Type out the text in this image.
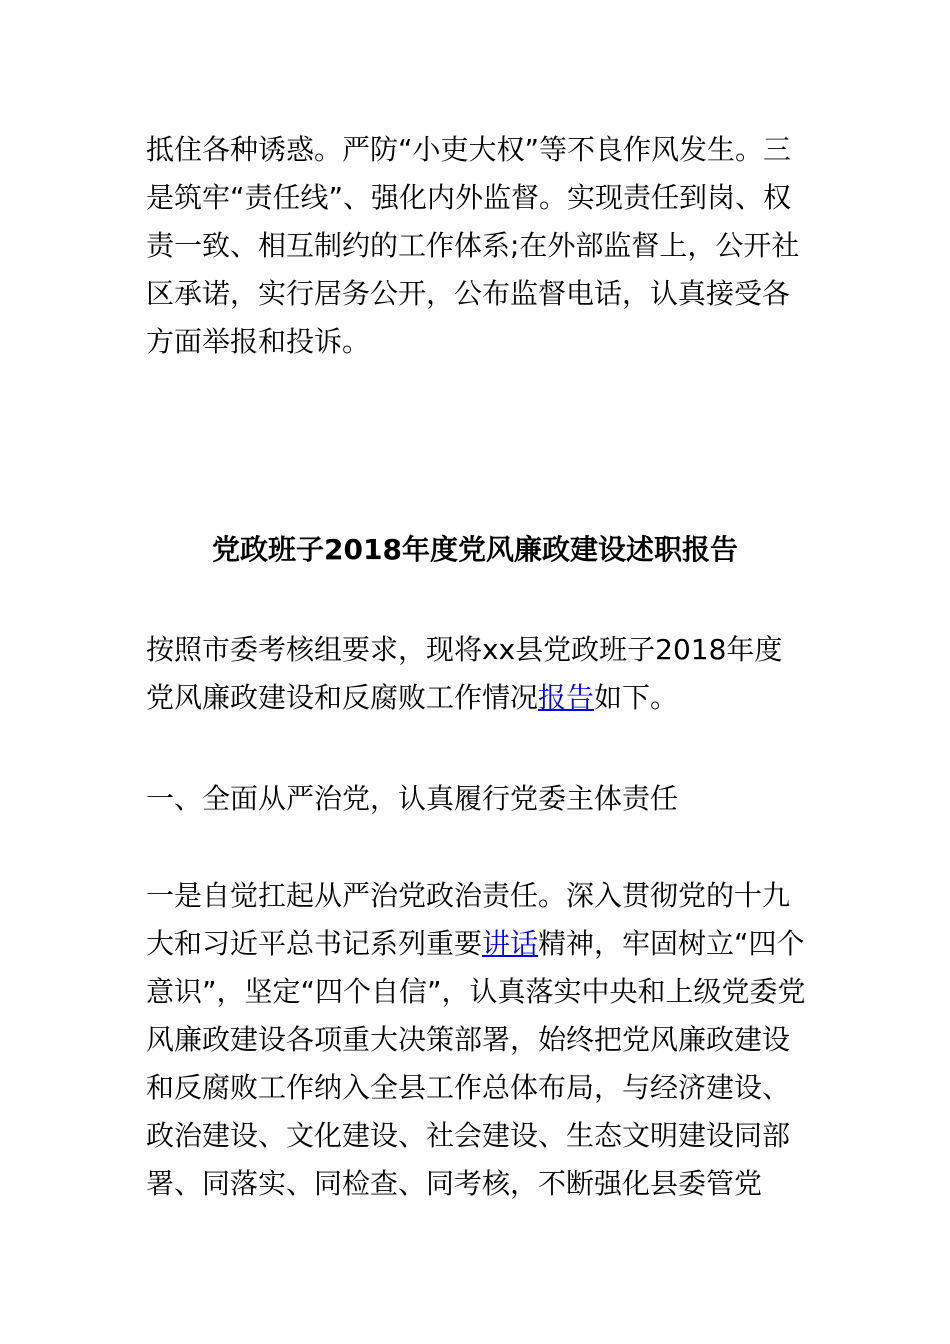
抵住各种诱惑。严防“小吏大权”等不良作风发生。三是筑牢“责任线”、强化内外监督。实现责任到岗、权责一致、相互制约的工作体系;在外部监督上，公开社区承诺，实行居务公开，公布监督电话，认真接受各方面举报和投诉。

党政班子2018年度党风廉政建设述职报告

按照市委考核组要求，现将xx县党政班子2018年度党风廉政建设和反腐败工作情况报告如下。

一、全面从严治党，认真履行党委主体责任

一是自觉扛起从严治党政治责任。深入贯彻党的十九大和习近平总书记系列重要讲话精神，牢固树立“四个意识”，坚定“四个自信”，认真落实中央和上级党委党风廉政建设各项重大决策部署，始终把党风廉政建设和反腐败工作纳入全县工作总体布局，与经济建设、政治建设、文化建设、社会建设、生态文明建设同部署、同落实、同检查、同考核，不断强化县委管党
